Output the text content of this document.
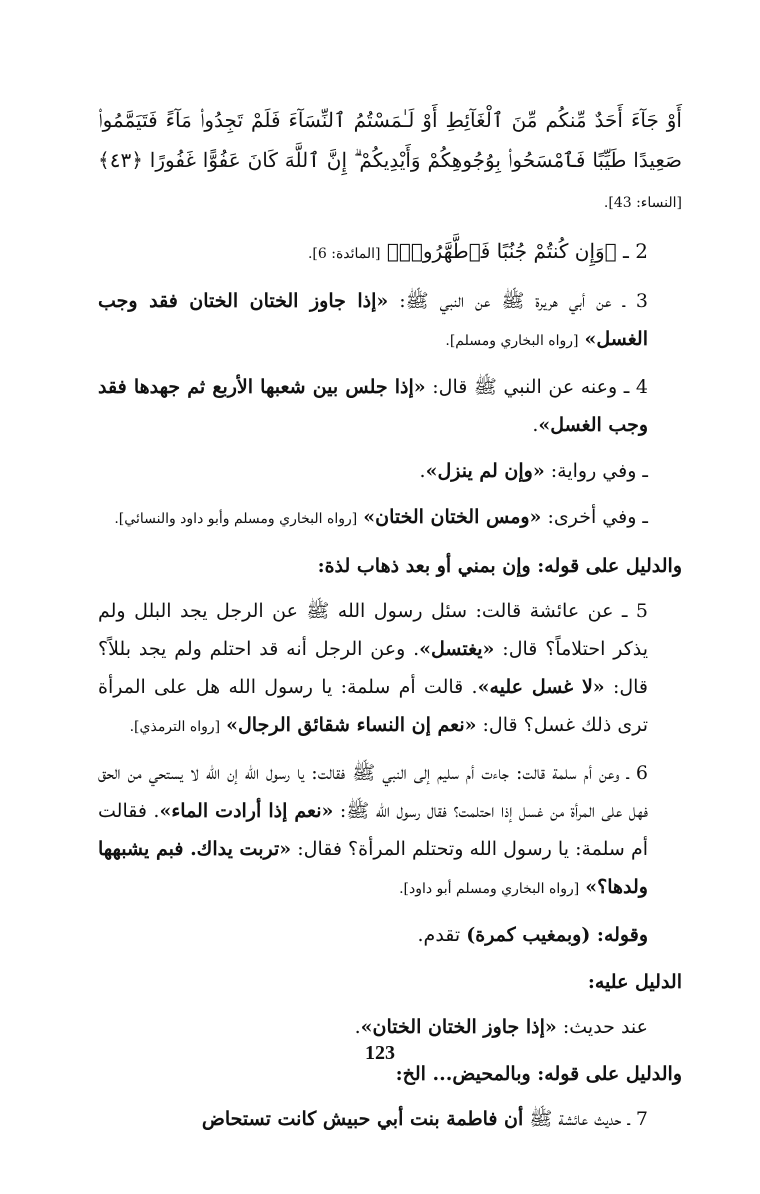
أَوْ جَآءَ أَحَدٌ مِّنكُم مِّنَ ٱلْغَآئِطِ أَوْ لَـٰمَسْتُمُ ٱلنِّسَآءَ فَلَمْ تَجِدُوا۟ مَآءً فَتَيَمَّمُوا۟ صَعِيدًا طَيِّبًا فَٱمْسَحُوا۟ بِوُجُوهِكُمْ وَأَيْدِيكُمْ ۗ إِنَّ ٱللَّهَ كَانَ عَفُوًّا غَفُورًا ﴿٤٣﴾ [النساء: 43].

2 ـ ﴿وَإِن كُنتُمْ جُنُبًا فَٱطَّهَّرُوا۟﴾ [المائدة: 6].

3 ـ عن أبي هريرة ﷺ عن النبي ﷺ: «إذا جاوز الختان الختان فقد وجب الغسل» [رواه البخاري ومسلم].

4 ـ وعنه عن النبي ﷺ قال: «إذا جلس بين شعبها الأربع ثم جهدها فقد وجب الغسل».

ـ وفي رواية: «وإن لم ينزل».

ـ وفي أخرى: «ومس الختان الختان» [رواه البخاري ومسلم وأبو داود والنسائي].

والدليل على قوله: وإن بمني أو بعد ذهاب لذة:

5 ـ عن عائشة قالت: سئل رسول الله ﷺ عن الرجل يجد البلل ولم يذكر احتلاماً؟ قال: «يغتسل». وعن الرجل أنه قد احتلم ولم يجد بللاً؟ قال: «لا غسل عليه». قالت أم سلمة: يا رسول الله هل على المرأة ترى ذلك غسل؟ قال: «نعم إن النساء شقائق الرجال» [رواه الترمذي].

6 ـ وعن أم سلمة قالت: جاءت أم سليم إلى النبي ﷺ فقالت: يا رسول الله إن الله لا يستحي من الحق فهل على المرأة من غسل إذا احتلمت؟ فقال رسول الله ﷺ: «نعم إذا أرادت الماء». فقالت أم سلمة: يا رسول الله وتحتلم المرأة؟ فقال: «تربت يداك. فبم يشبهها ولدها؟» [رواه البخاري ومسلم أبو داود].

وقوله: (وبمغيب كمرة) تقدم.

الدليل عليه:

عند حديث: «إذا جاوز الختان الختان».

والدليل على قوله: وبالمحيض... الخ:

7 ـ حديث عائشة ﷺ أن فاطمة بنت أبي حبيش كانت تستحاض

123
